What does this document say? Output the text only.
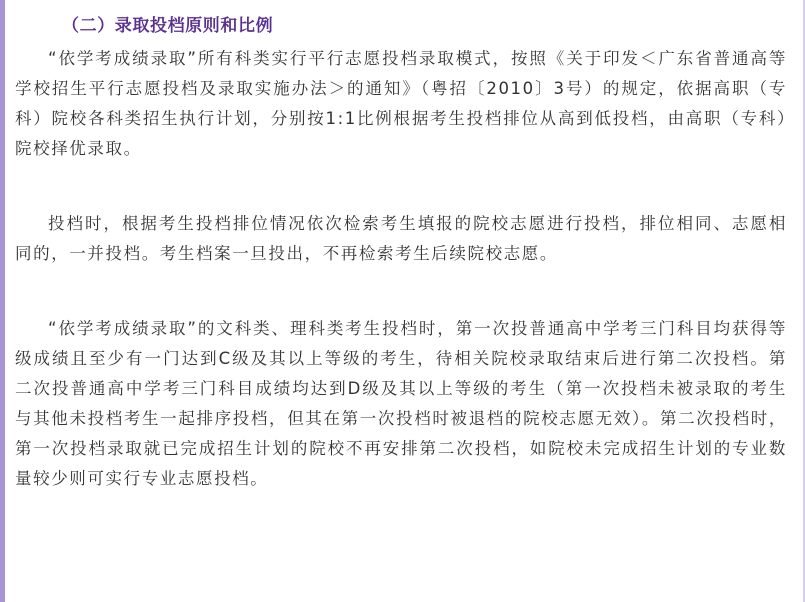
（二）录取投档原则和比例

“依学考成绩录取”所有科类实行平行志愿投档录取模式，按照《关于印发＜广东省普通高等学校招生平行志愿投档及录取实施办法＞的通知》（粤招〔2010〕3号）的规定，依据高职（专科）院校各科类招生执行计划，分别按1:1比例根据考生投档排位从高到低投档，由高职（专科）院校择优录取。

投档时，根据考生投档排位情况依次检索考生填报的院校志愿进行投档，排位相同、志愿相同的，一并投档。考生档案一旦投出，不再检索考生后续院校志愿。

“依学考成绩录取”的文科类、理科类考生投档时，第一次投普通高中学考三门科目均获得等级成绩且至少有一门达到C级及其以上等级的考生，待相关院校录取结束后进行第二次投档。第二次投普通高中学考三门科目成绩均达到D级及其以上等级的考生（第一次投档未被录取的考生与其他未投档考生一起排序投档，但其在第一次投档时被退档的院校志愿无效）。第二次投档时，第一次投档录取就已完成招生计划的院校不再安排第二次投档，如院校未完成招生计划的专业数量较少则可实行专业志愿投档。
